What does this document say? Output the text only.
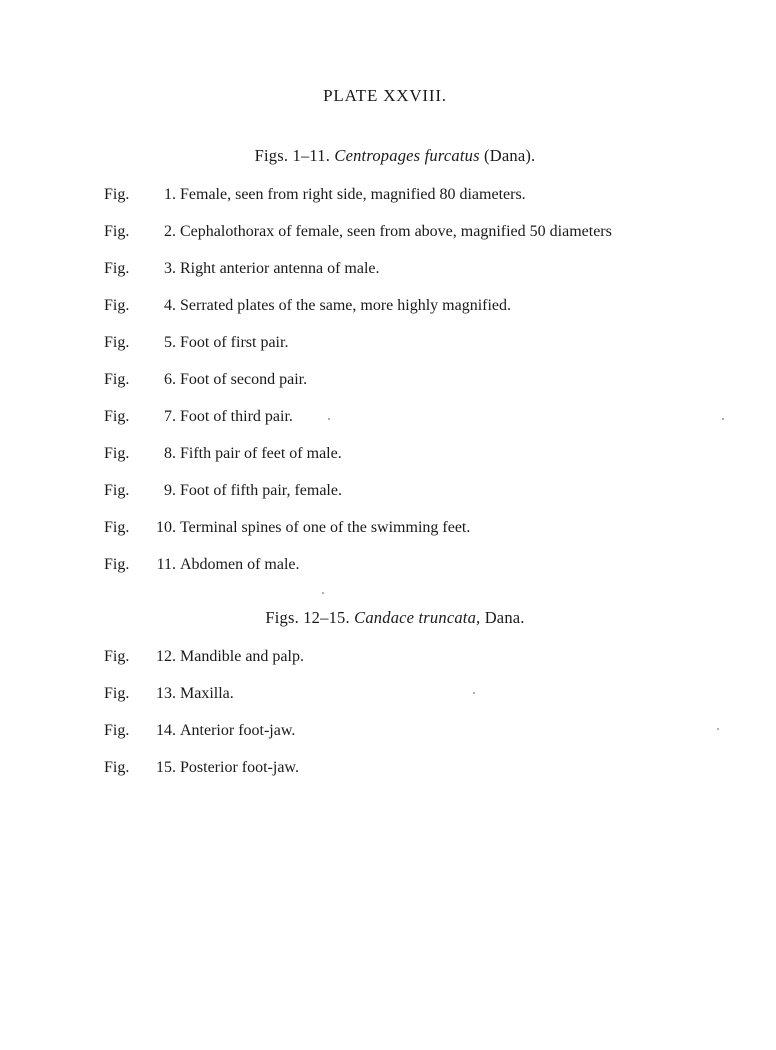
PLATE XXVIII.
Figs. 1–11. Centropages furcatus (Dana).
Fig.	1 . Female, seen from right side, magnified 80 diameters.
Fig.	2 . Cephalothorax of female, seen from above, magnified 50 diameters
Fig.	3 . Right anterior antenna of male.
Fig.	4 . Serrated plates of the same, more highly magnified.
Fig.	5 . Foot of first pair.
Fig.	6 . Foot of second pair.
Fig.	7 . Foot of third pair.
Fig.	8 . Fifth pair of feet of male.
Fig.	9 . Foot of fifth pair, female.
Fig.	10 . Terminal spines of one of the swimming feet.
Fig.	11 . Abdomen of male.
Figs. 12–15. Candace truncata, Dana.
Fig.	12 . Mandible and palp.
Fig.	13 . Maxilla.
Fig.	14 . Anterior foot-jaw.
Fig.	15 . Posterior foot-jaw.
